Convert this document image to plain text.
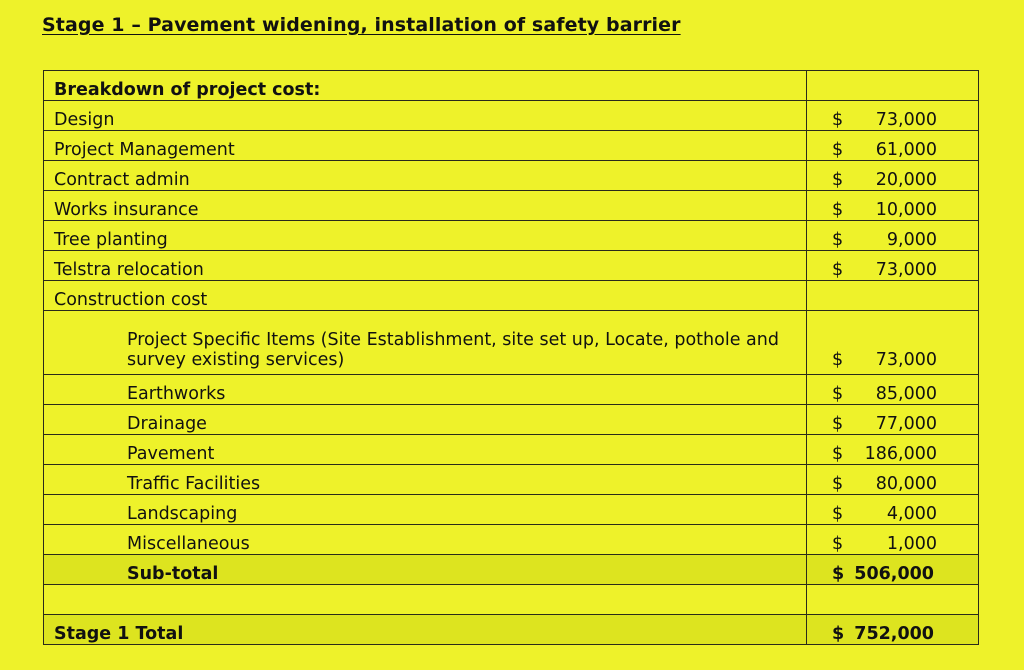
Stage 1 – Pavement widening, installation of safety barrier
Breakdown of project cost:	
Design	$ 73,000

Project Management	$ 61,000

Contract admin	$ 20,000

Works insurance	$ 10,000

Tree planting	$ 9,000

Telstra relocation	$ 73,000

Construction cost	
Project Specific Items (Site Establishment, site set up, Locate, pothole and survey existing services)	$ 73,000

Earthworks	$ 85,000

Drainage	$ 77,000

Pavement	$ 186,000

Traffic Facilities	$ 80,000

Landscaping	$ 4,000

Miscellaneous	$ 1,000

Sub-total	$ 506,000

Stage 1 Total	$ 752,000
